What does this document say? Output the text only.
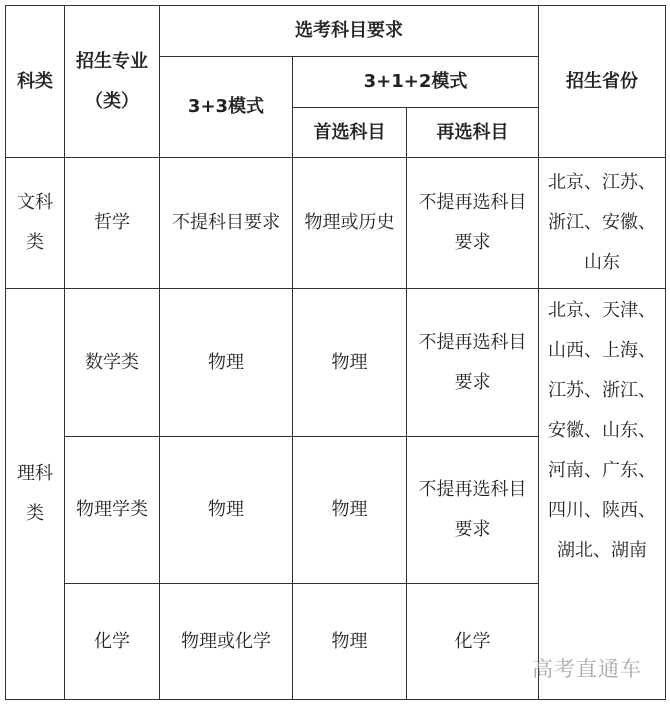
科类	招生专业（类）	选考科目要求			招生省份
		3+3模式	3+1+2模式		
			首选科目	再选科目	
文科类	哲学	不提科目要求	物理或历史	不提再选科目要求	北京、江苏、浙江、安徽、山东
理科类	数学类	物理	物理	不提再选科目要求	北京、天津、山西、上海、江苏、浙江、安徽、山东、河南、广东、四川、陕西、湖北、湖南
	物理学类	物理	物理	不提再选科目要求	
	化学	物理或化学	物理	化学	
高考直通车
